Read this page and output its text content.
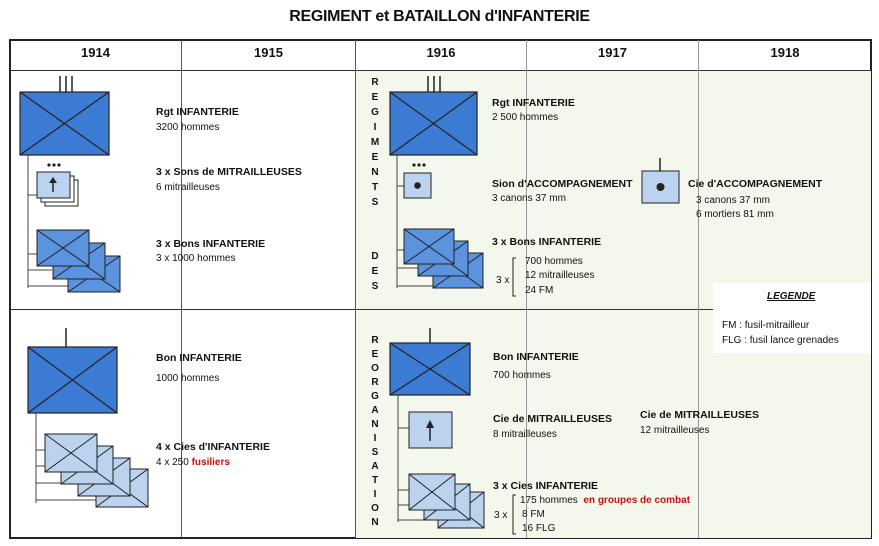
REGIMENT et BATAILLON d'INFANTERIE
1914	1915	1916	1917	1918
Rgt INFANTERIE
3200 hommes
3 x Sons de MITRAILLEUSES
6 mitrailleuses
3 x Bons INFANTERIE
3 x 1000 hommes
R
E
G
I
M
E
N
T
S
D
E
S
R
E
O
R
G
A
N
I
S
A
T
I
O
N
Rgt INFANTERIE
2 500 hommes
Sion d'ACCOMPAGNEMENT
3 canons 37 mm
3 x Bons INFANTERIE
3 x
700 hommes
12 mitrailleuses
24 FM
Cie d'ACCOMPAGNEMENT
3 canons 37 mm
6 mortiers 81 mm
LEGENDE
FM : fusil-mitrailleur
FLG : fusil lance grenades
Bon INFANTERIE
1000 hommes
4 x Cies d'INFANTERIE
4 x 250 fusiliers
Bon INFANTERIE
700 hommes
Cie de MITRAILLEUSES
8 mitrailleuses
3 x Cies INFANTERIE
3 x
175 hommes en groupes de combat
8 FM
16 FLG
Cie de MITRAILLEUSES
12 mitrailleuses
